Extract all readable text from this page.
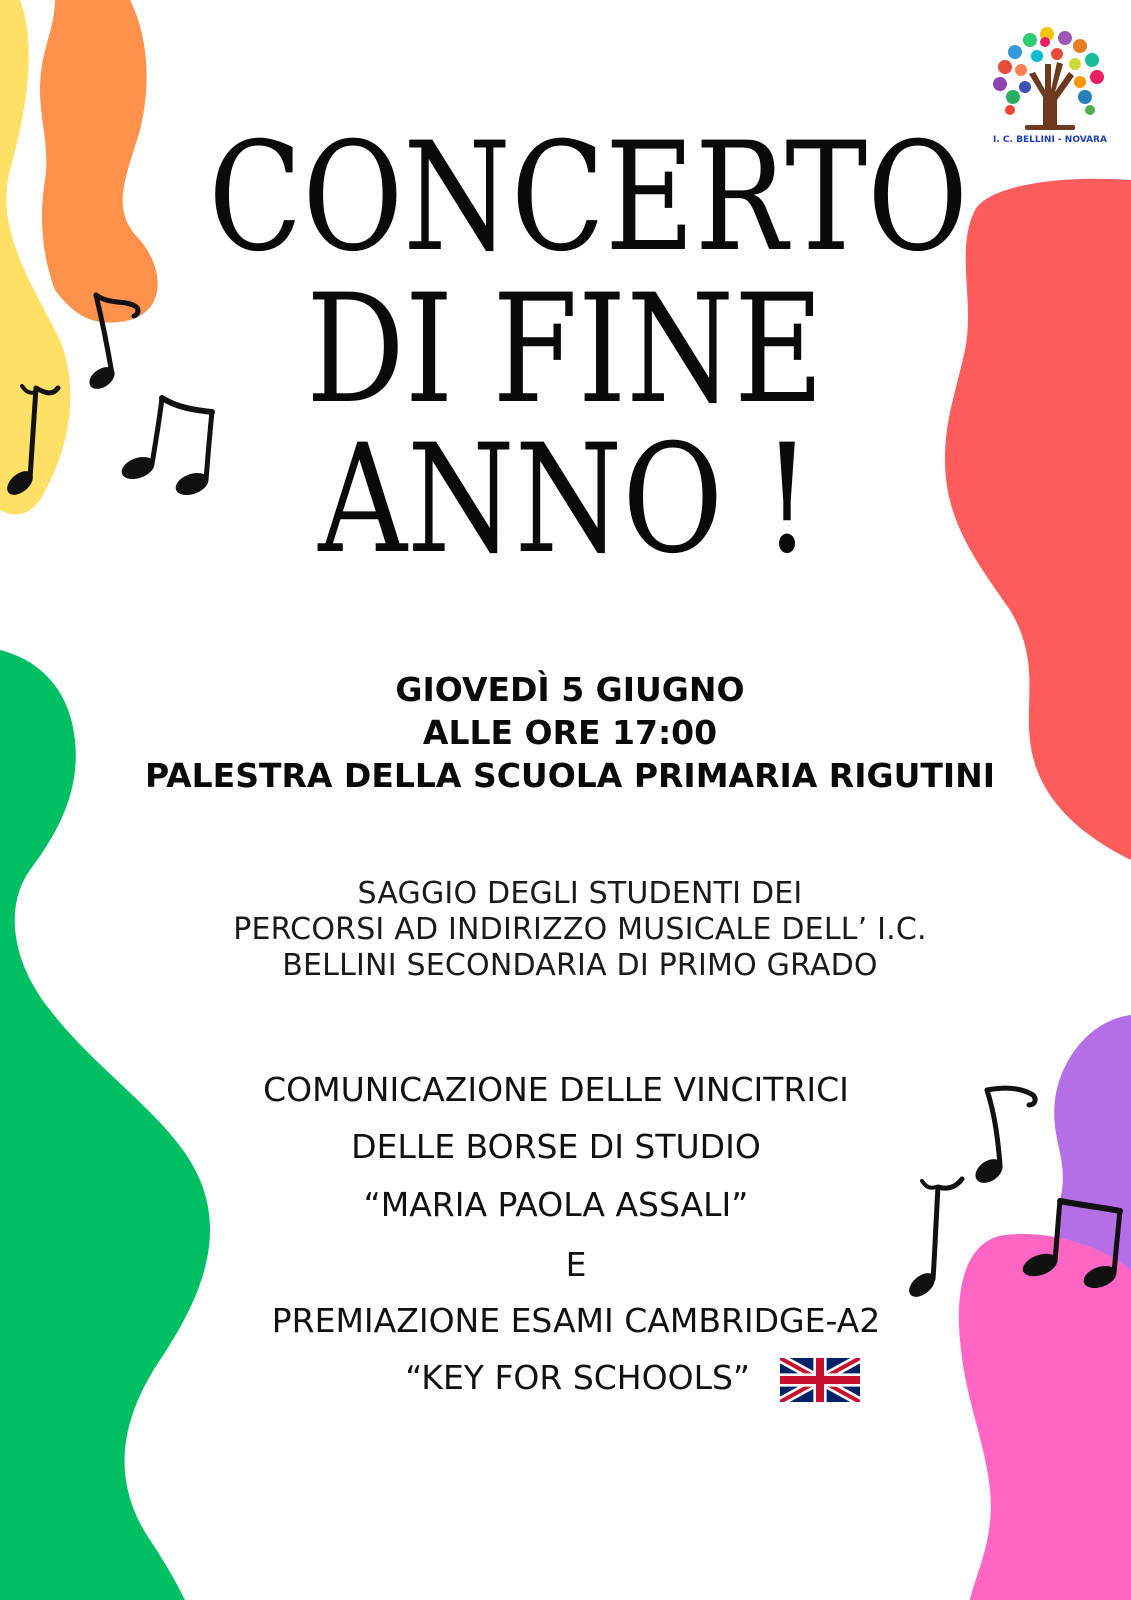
I. C. BELLINI - NOVARA
CONCERTO
DI FINE
ANNO !
GIOVEDÌ 5 GIUGNO
ALLE ORE 17:00
PALESTRA DELLA SCUOLA PRIMARIA RIGUTINI
SAGGIO DEGLI STUDENTI DEI
PERCORSI AD INDIRIZZO MUSICALE DELL’ I.C.
BELLINI SECONDARIA DI PRIMO GRADO
COMUNICAZIONE DELLE VINCITRICI
DELLE BORSE DI STUDIO
“MARIA PAOLA ASSALI”
E
PREMIAZIONE ESAMI CAMBRIDGE-A2
“KEY FOR SCHOOLS”
